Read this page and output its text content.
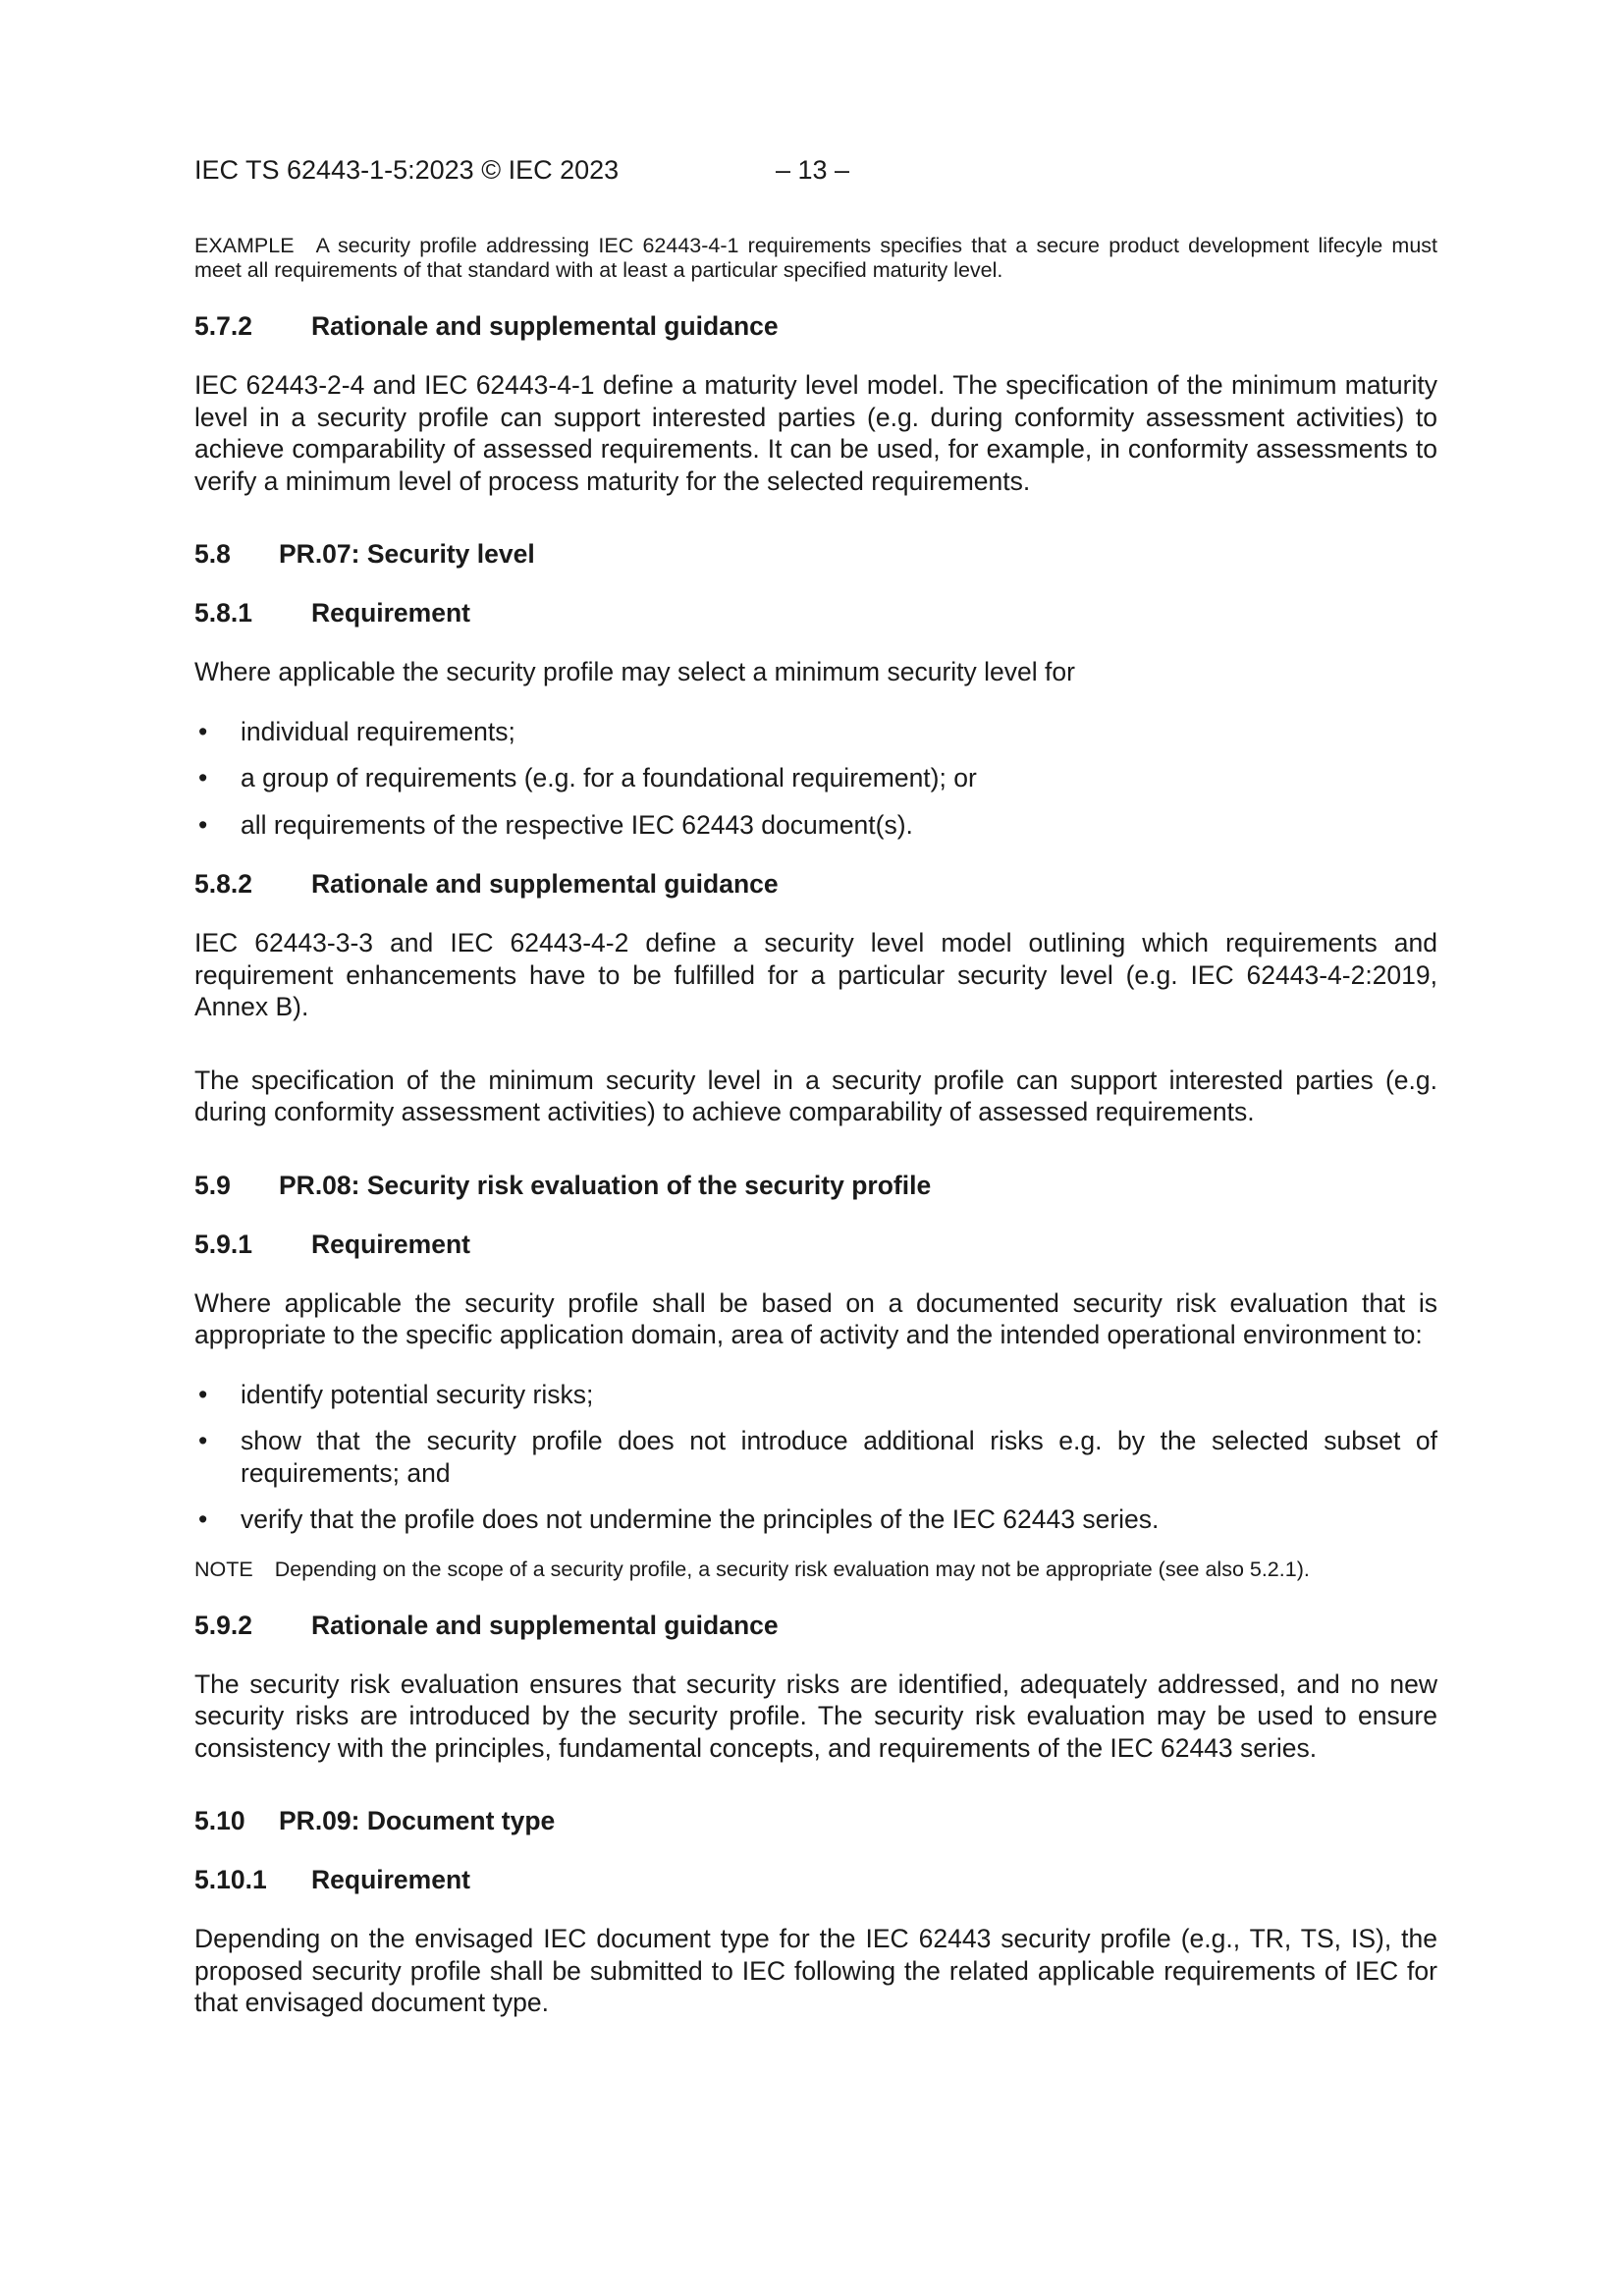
IEC TS 62443-1-5:2023 © IEC 2023	– 13 –

EXAMPLE A security profile addressing IEC 62443-4-1 requirements specifies that a secure product development lifecyle must meet all requirements of that standard with at least a particular specified maturity level.

5.7.2	Rationale and supplemental guidance

IEC 62443-2-4 and IEC 62443-4-1 define a maturity level model. The specification of the minimum maturity level in a security profile can support interested parties (e.g. during conformity assessment activities) to achieve comparability of assessed requirements. It can be used, for example, in conformity assessments to verify a minimum level of process maturity for the selected requirements.

5.8	PR.07: Security level
5.8.1	Requirement

Where applicable the security profile may select a minimum security level for

• individual requirements;
• a group of requirements (e.g. for a foundational requirement); or
• all requirements of the respective IEC 62443 document(s).
5.8.2	Rationale and supplemental guidance

IEC 62443-3-3 and IEC 62443-4-2 define a security level model outlining which requirements and requirement enhancements have to be fulfilled for a particular security level (e.g. IEC 62443-4-2:2019, Annex B).

The specification of the minimum security level in a security profile can support interested parties (e.g. during conformity assessment activities) to achieve comparability of assessed requirements.

5.9	PR.08: Security risk evaluation of the security profile
5.9.1	Requirement

Where applicable the security profile shall be based on a documented security risk evaluation that is appropriate to the specific application domain, area of activity and the intended operational environment to:

• identify potential security risks;
• show that the security profile does not introduce additional risks e.g. by the selected subset of requirements; and
• verify that the profile does not undermine the principles of the IEC 62443 series.

NOTE Depending on the scope of a security profile, a security risk evaluation may not be appropriate (see also 5.2.1).

5.9.2	Rationale and supplemental guidance

The security risk evaluation ensures that security risks are identified, adequately addressed, and no new security risks are introduced by the security profile. The security risk evaluation may be used to ensure consistency with the principles, fundamental concepts, and requirements of the IEC 62443 series.

5.10	PR.09: Document type
5.10.1	Requirement

Depending on the envisaged IEC document type for the IEC 62443 security profile (e.g., TR, TS, IS), the proposed security profile shall be submitted to IEC following the related applicable requirements of IEC for that envisaged document type.
